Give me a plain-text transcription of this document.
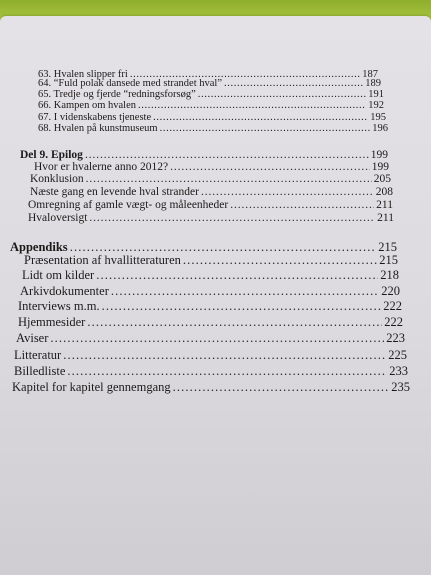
63. Hvalen slipper fri . . .	187
64. “Fuld polak dansede med strandet hval” . . .	189
65. Tredje og fjerde “redningsforsøg” . . .	191
66. Kampen om hvalen . . .	192
67. I videnskabens tjeneste . . .	195
68. Hvalen på kunstmuseum . . .	196
Del 9. Epilog . . .	199
Hvor er hvalerne anno 2012? . . .	199
Konklusion . . .	205
Næste gang en levende hval strander . . .	208
Omregning af gamle vægt- og måleenheder . . .	211
Hvaloversigt . . .	211
Appendiks . . .	215
Præsentation af hvallitteraturen . . .	215
Lidt om kilder . . .	218
Arkivdokumenter . . .	220
Interviews m.m. . . .	222
Hjemmesider . . .	222
Aviser . . .	223
Litteratur . . .	225
Billedliste . . .	233
Kapitel for kapitel gennemgang . . .	235
